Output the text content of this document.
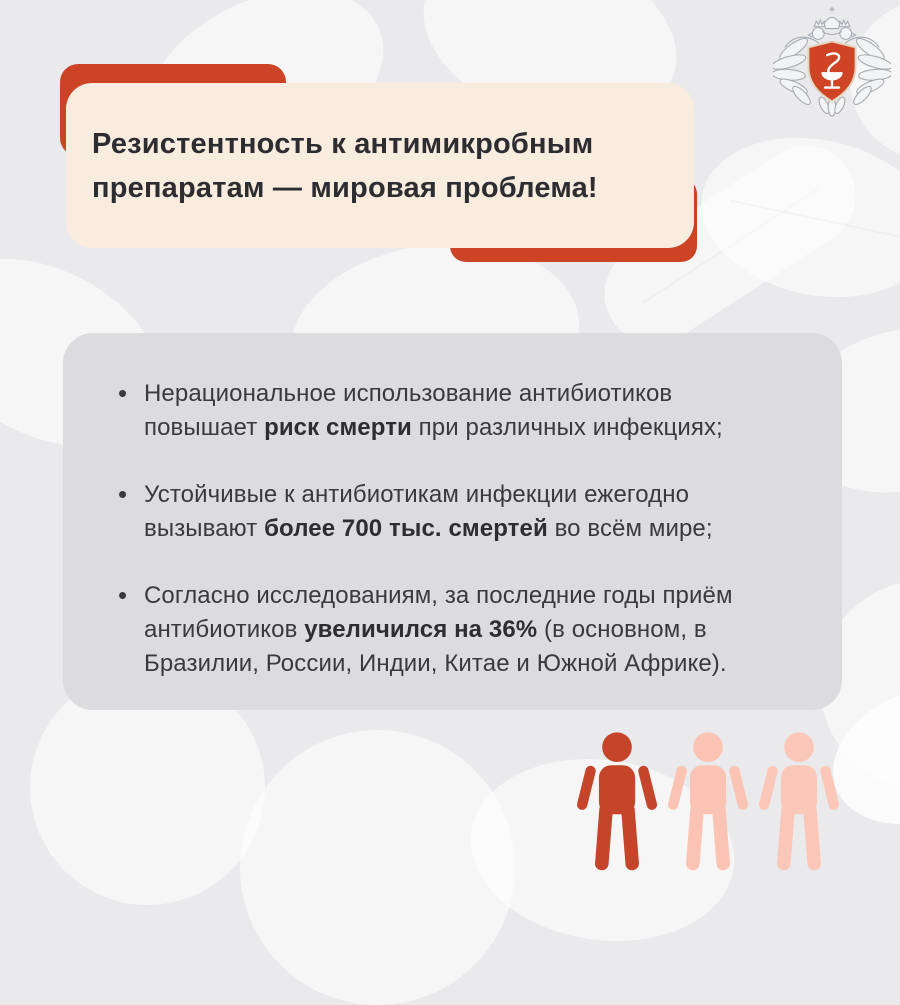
Резистентность к антимикробным
препаратам — мировая проблема!
• Нерациональное использование антибиотиков
повышает риск смерти при различных инфекциях;
• Устойчивые к антибиотикам инфекции ежегодно
вызывают более 700 тыс. смертей во всём мире;
• Согласно исследованиям, за последние годы приём
антибиотиков увеличился на 36% (в основном, в
Бразилии, России, Индии, Китае и Южной Африке).
